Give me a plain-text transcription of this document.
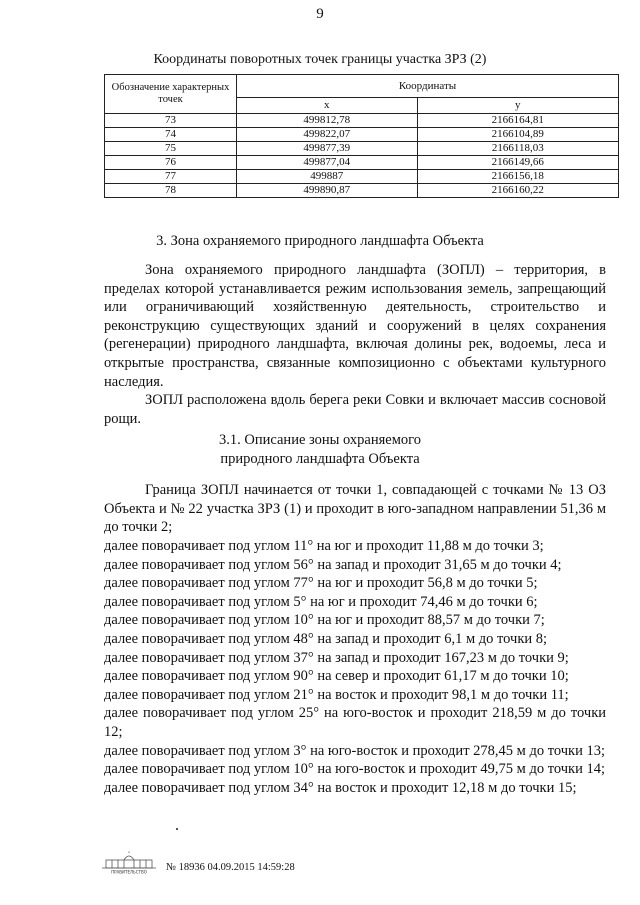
9
Координаты поворотных точек границы участка ЗРЗ (2)
Обозначение характерных точек	Координаты	
	х	у
73	499812,78	2166164,81
74	499822,07	2166104,89
75	499877,39	2166118,03
76	499877,04	2166149,66
77	499887	2166156,18
78	499890,87	2166160,22
3. Зона охраняемого природного ландшафта Объекта
Зона охраняемого природного ландшафта (ЗОПЛ) – территория, в пределах которой устанавливается режим использования земель, запрещающий или ограничивающий хозяйственную деятельность, строительство и реконструкцию существующих зданий и сооружений в целях сохранения (регенерации) природного ландшафта, включая долины рек, водоемы, леса и открытые пространства, связанные композиционно с объектами культурного наследия.
ЗОПЛ расположена вдоль берега реки Совки и включает массив сосновой рощи.
3.1. Описание зоны охраняемого
природного ландшафта Объекта
Граница ЗОПЛ начинается от точки 1, совпадающей с точками № 13 ОЗ Объекта и № 22 участка ЗРЗ (1) и проходит в юго-западном направлении 51,36 м до точки 2;
далее поворачивает под углом 11° на юг и проходит 11,88 м до точки 3;
далее поворачивает под углом 56° на запад и проходит 31,65 м до точки 4;
далее поворачивает под углом 77° на юг и проходит 56,8 м до точки 5;
далее поворачивает под углом 5° на юг и проходит 74,46 м до точки 6;
далее поворачивает под углом 10° на юг и проходит 88,57 м до точки 7;
далее поворачивает под углом 48° на запад и проходит 6,1 м до точки 8;
далее поворачивает под углом 37° на запад и проходит 167,23 м до точки 9;
далее поворачивает под углом 90° на север и проходит 61,17 м до точки 10;
далее поворачивает под углом 21° на восток и проходит 98,1 м до точки 11;
далее поворачивает под углом 25° на юго-восток и проходит 218,59 м до точки 12;
далее поворачивает под углом 3° на юго-восток и проходит 278,45 м до точки 13;
далее поворачивает под углом 10° на юго-восток и проходит 49,75 м до точки 14;
далее поворачивает под углом 34° на восток и проходит 12,18 м до точки 15;
ПРАВИТЕЛЬСТВО № 18936 04.09.2015 14:59:28
